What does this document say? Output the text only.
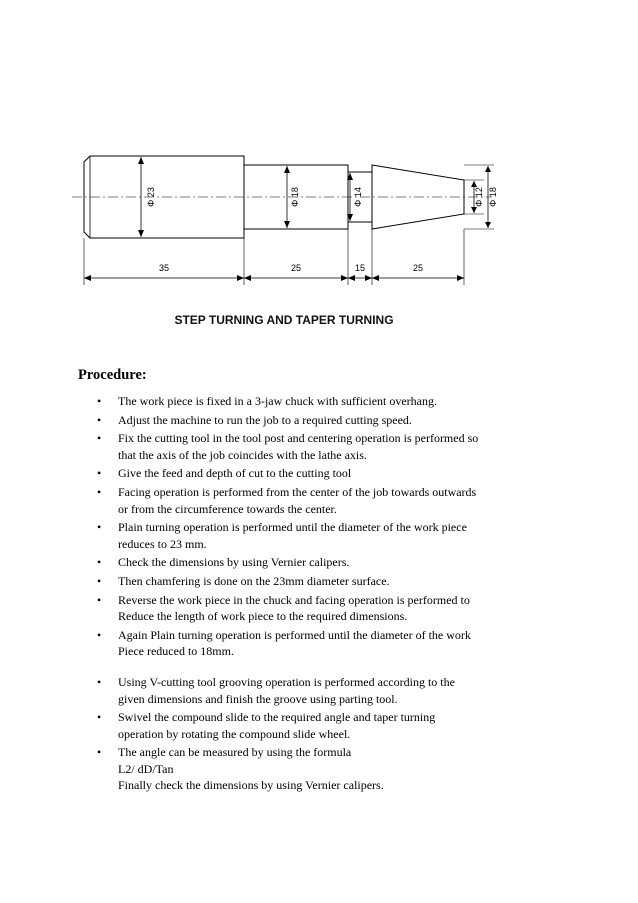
Φ 23	Φ 18	Φ 14	Φ 12 Φ 18
35	25	15	25
STEP TURNING AND TAPER TURNING
Procedure:
• The work piece is fixed in a 3-jaw chuck with sufficient overhang.
• Adjust the machine to run the job to a required cutting speed.
• Fix the cutting tool in the tool post and centering operation is performed so
that the axis of the job coincides with the lathe axis.
• Give the feed and depth of cut to the cutting tool
• Facing operation is performed from the center of the job towards outwards
or from the circumference towards the center.
• Plain turning operation is performed until the diameter of the work piece
reduces to 23 mm.
• Check the dimensions by using Vernier calipers.
• Then chamfering is done on the 23mm diameter surface.
• Reverse the work piece in the chuck and facing operation is performed to
Reduce the length of work piece to the required dimensions.
• Again Plain turning operation is performed until the diameter of the work
Piece reduced to 18mm.
• Using V-cutting tool grooving operation is performed according to the
given dimensions and finish the groove using parting tool.
• Swivel the compound slide to the required angle and taper turning
operation by rotating the compound slide wheel.
• The angle can be measured by using the formula
L2/ dD/Tan
Finally check the dimensions by using Vernier calipers.
